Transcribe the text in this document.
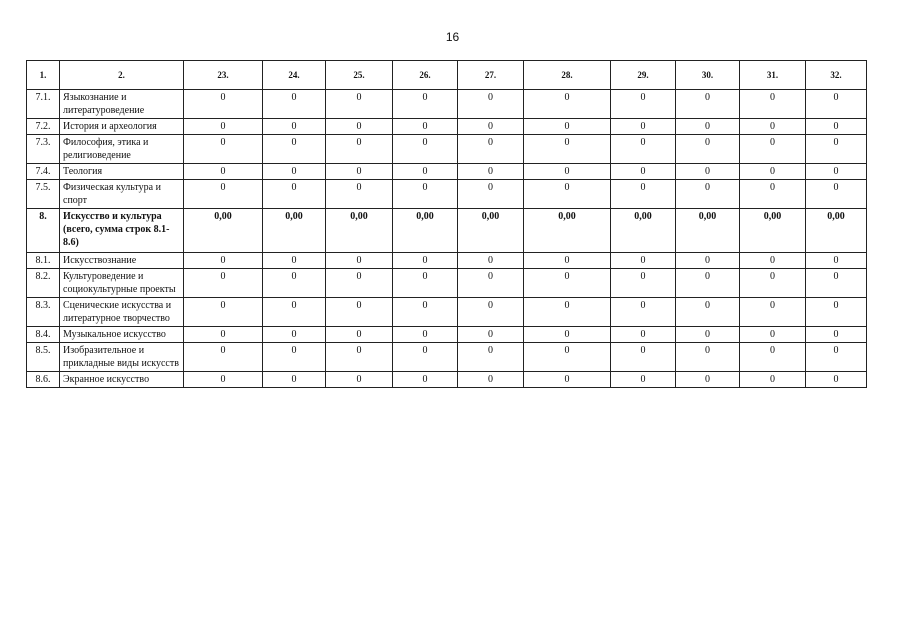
16
1.	2.	23.	24.	25.	26.	27.	28.	29.	30.	31.	32.
7.1.	Языкознание и литературоведение	0	0	0	0	0	0	0	0	0	0
7.2.	История и археология	0	0	0	0	0	0	0	0	0	0
7.3.	Философия, этика и религиоведение	0	0	0	0	0	0	0	0	0	0
7.4.	Теология	0	0	0	0	0	0	0	0	0	0
7.5.	Физическая культура и спорт	0	0	0	0	0	0	0	0	0	0
8.	Искусство и культура (всего, сумма строк 8.1-8.6)	0,00	0,00	0,00	0,00	0,00	0,00	0,00	0,00	0,00	0,00
8.1.	Искусствознание	0	0	0	0	0	0	0	0	0	0
8.2.	Культуроведение и социокультурные проекты	0	0	0	0	0	0	0	0	0	0
8.3.	Сценические искусства и литературное творчество	0	0	0	0	0	0	0	0	0	0
8.4.	Музыкальное искусство	0	0	0	0	0	0	0	0	0	0
8.5.	Изобразительное и прикладные виды искусств	0	0	0	0	0	0	0	0	0	0
8.6.	Экранное искусство	0	0	0	0	0	0	0	0	0	0
